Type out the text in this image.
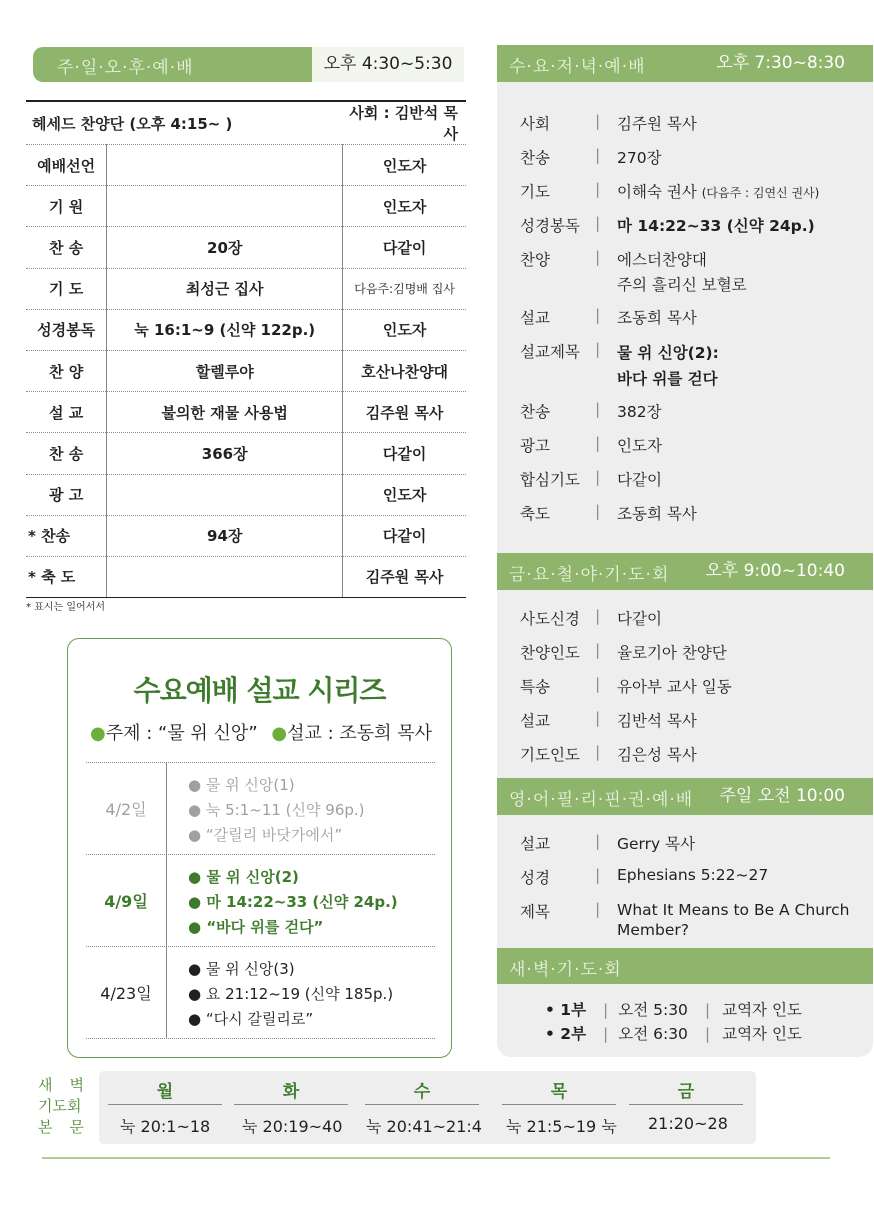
주·일·오·후·예·배	오후 4:30~5:30
헤세드 찬양단 (오후 4:15~ )		사회 : 김반석 목사
예배선언		인도자
기 원		인도자
찬 송	20장	다같이
기 도	최성근 집사	다음주:김명배 집사
성경봉독	눅 16:1~9 (신약 122p.)	인도자
찬 양	할렐루야	호산나찬양대
설 교	불의한 재물 사용법	김주원 목사
찬 송	366장	다같이
광 고		인도자
* 찬송	94장	다같이
* 축 도		김주원 목사
* 표시는 일어서서
수요예배 설교 시리즈
●주제 : “물 위 신앙” ●설교 : 조동희 목사
4/2일
● 물 위 신앙(1)
● 눅 5:1~11 (신약 96p.)
● “갈릴리 바닷가에서”
4/9일
● 물 위 신앙(2)
● 마 14:22~33 (신약 24p.)
● “바다 위를 걷다”
4/23일
● 물 위 신앙(3)
● 요 21:12~19 (신약 185p.)
● “다시 갈릴리로”
수·요·저·녁·예·배	오후 7:30~8:30
사회	| 김주원 목사
찬송	| 270장
기도	| 이해숙 권사 (다음주 : 김연신 권사)
성경봉독 | 마 14:22~33 (신약 24p.)
찬양	| 에스더찬양대
주의 흘리신 보혈로
설교	| 조동희 목사
설교제목 | 물 위 신앙(2):
바다 위를 걷다
찬송	| 382장
광고	| 인도자
합심기도 | 다같이
축도	| 조동희 목사
금·요·철·야·기·도·회 오후 9:00~10:40
사도신경 | 다같이
찬양인도 | 율로기아 찬양단
특송	| 유아부 교사 일동
설교	| 김반석 목사
기도인도 | 김은성 목사
영·어·필·리·핀·권·예·배 주일 오전 10:00
설교	| Gerry 목사
성경	| Ephesians 5:22~27
제목	| What It Means to Be A Church
Member?
새·벽·기·도·회
• 1부 | 오전 5:30 | 교역자 인도
• 2부 | 오전 6:30 | 교역자 인도
새 벽
기도회
본 문
월	화	수	목	금
눅 20:1~18 눅 20:19~40 눅 20:41~21:4 눅 21:5~19 눅 21:20~28
